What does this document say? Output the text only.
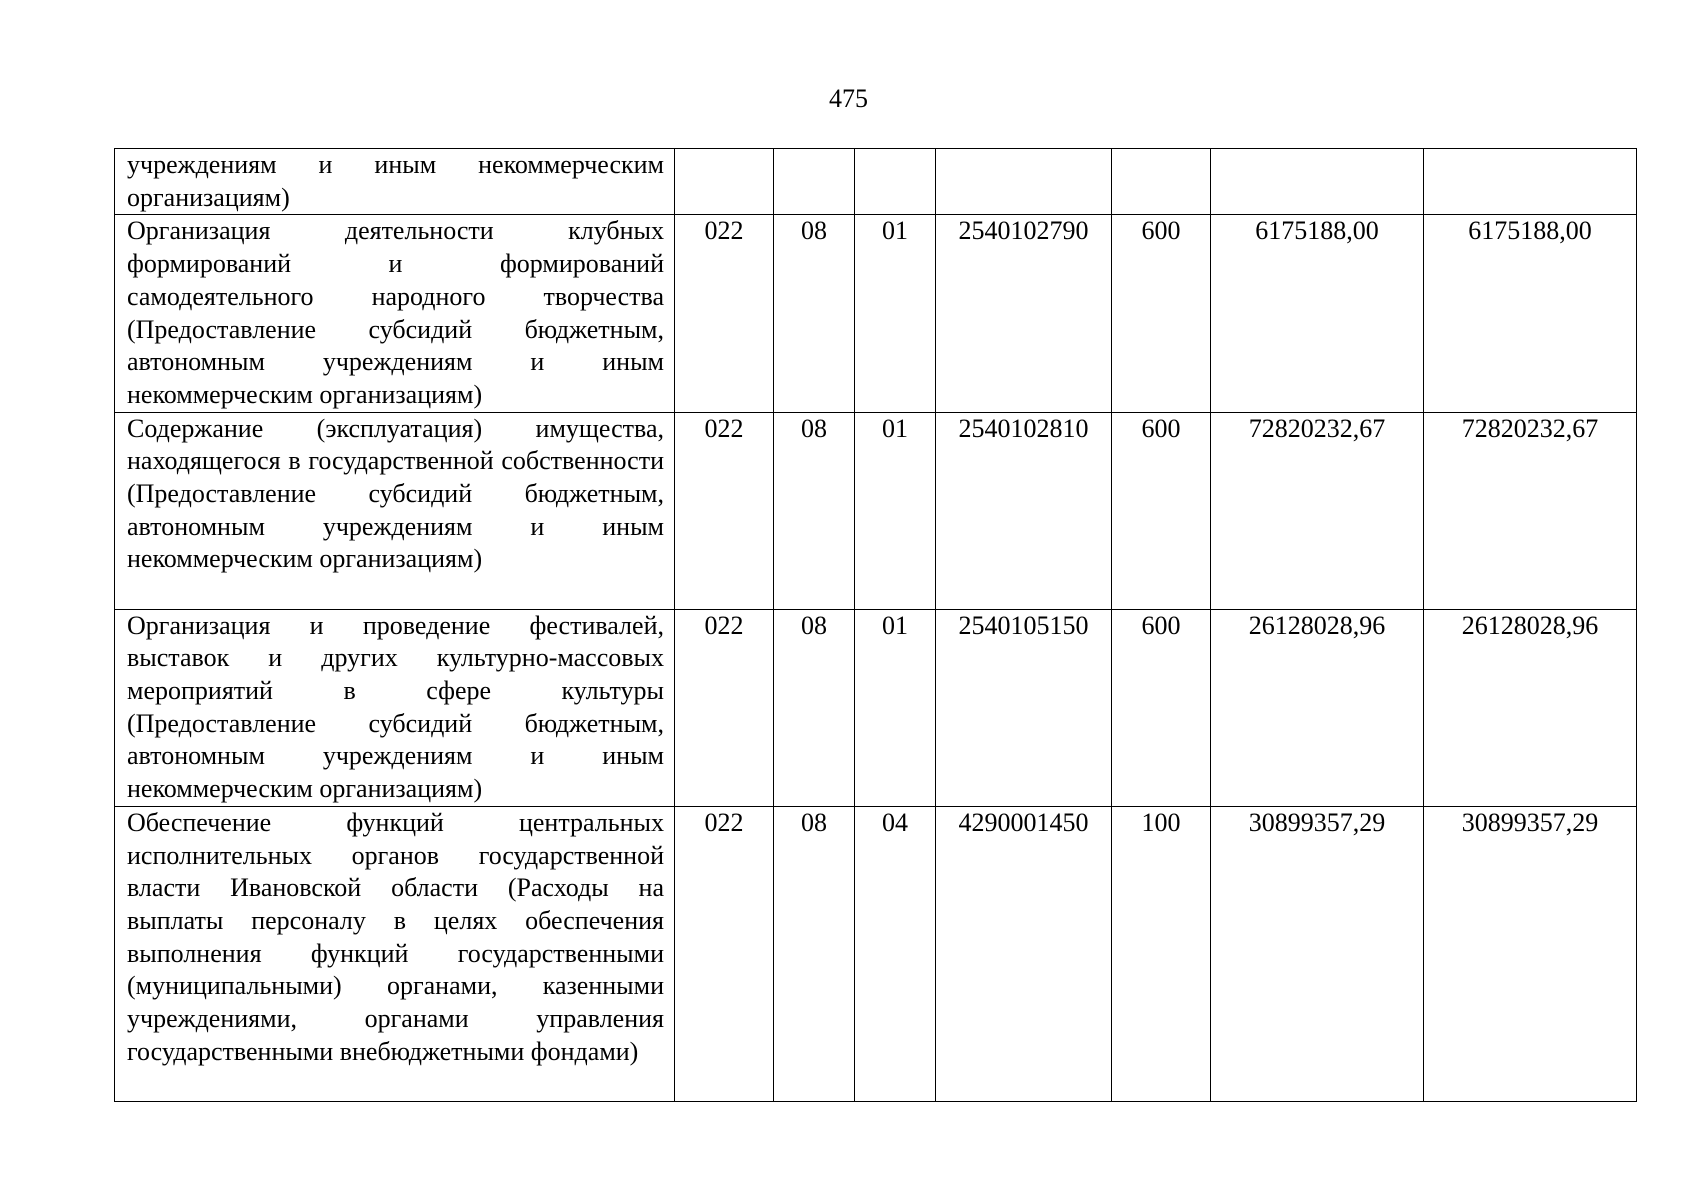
475
учреждениям и иным некоммерческим организациям)							
Организация деятельности клубных формирований и формирований самодеятельного народного творчества (Предоставление субсидий бюджетным, автономным учреждениям и иным некоммерческим организациям)	022	08	01	2540102790	600	6175188,00	6175188,00
Содержание (эксплуатация) имущества, находящегося в государственной собственности (Предоставление субсидий бюджетным, автономным учреждениям и иным некоммерческим организациям)	022	08	01	2540102810	600	72820232,67	72820232,67
Организация и проведение фестивалей, выставок и других культурно-массовых мероприятий в сфере культуры (Предоставление субсидий бюджетным, автономным учреждениям и иным некоммерческим организациям)	022	08	01	2540105150	600	26128028,96	26128028,96
Обеспечение функций центральных исполнительных органов государственной власти Ивановской области (Расходы на выплаты персоналу в целях обеспечения выполнения функций государственными (муниципальными) органами, казенными учреждениями, органами управления государственными внебюджетными фондами)	022	08	04	4290001450	100	30899357,29	30899357,29
